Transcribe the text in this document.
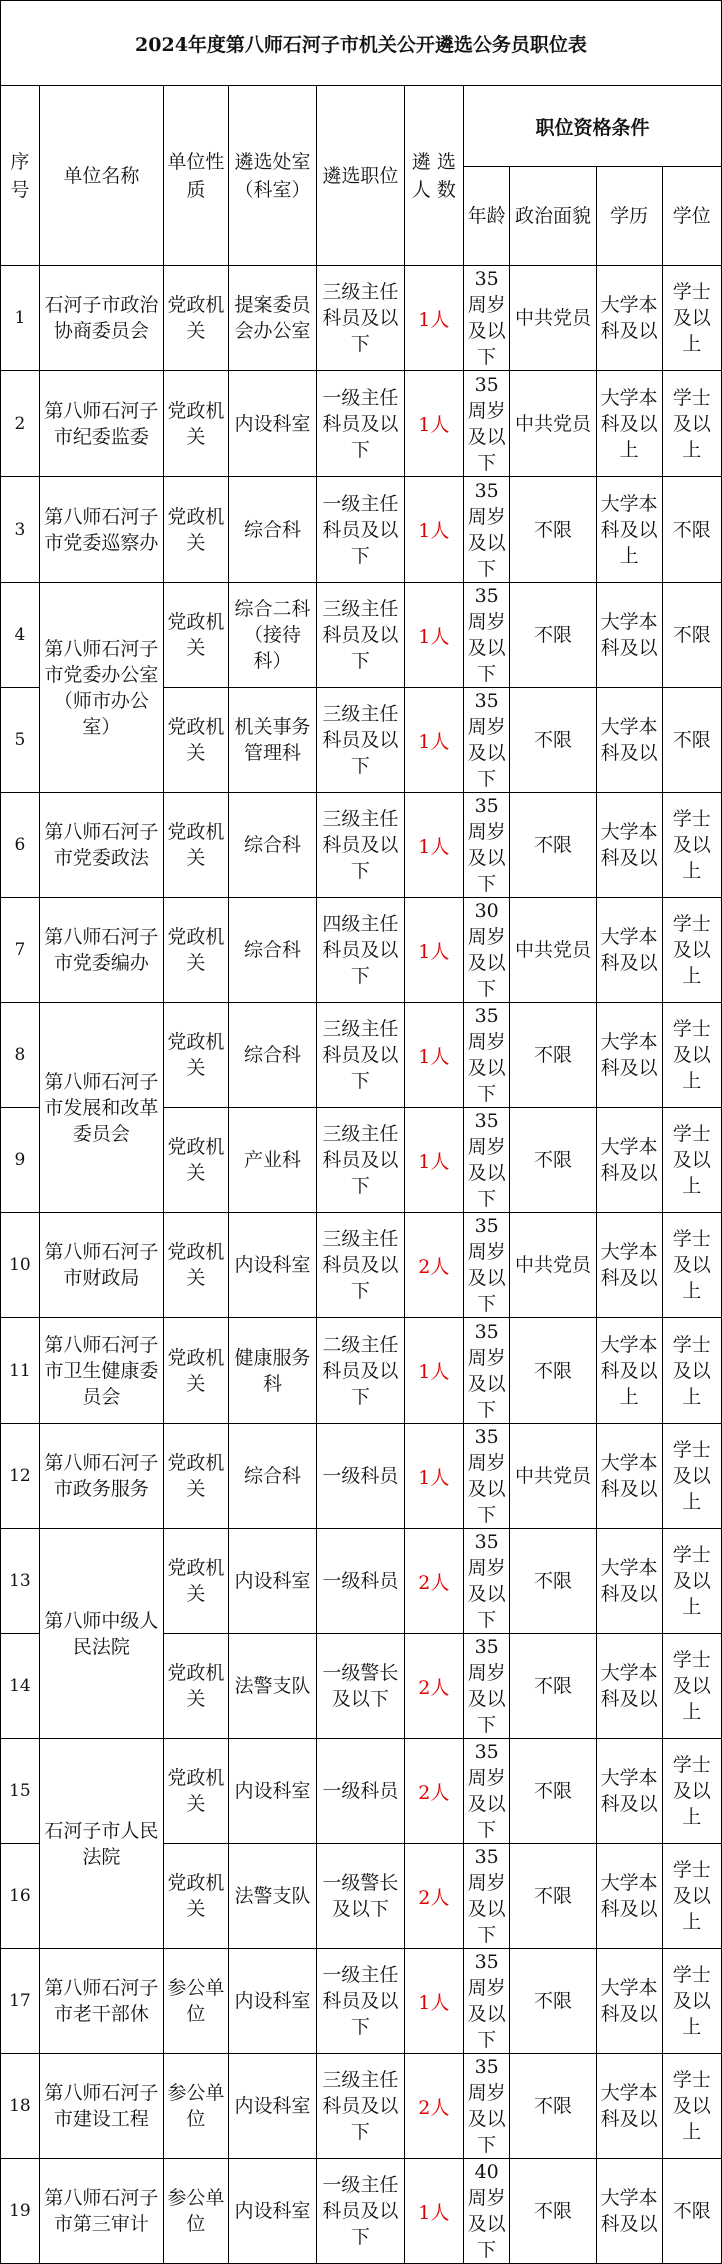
2024年度第八师石河子市机关公开遴选公务员职位表									
序号	单位名称	单位性质	遴选处室（科室）	遴选职位	遴 选 人 数	职位资格条件			
						年龄	政治面貌	学历	学位
1	石河子市政治协商委员会	党政机关	提案委员会办公室	三级主任科员及以下	1人	35周岁及以下	中共党员	大学本科及以	学士及以上
2	第八师石河子市纪委监委	党政机关	内设科室	一级主任科员及以下	1人	35周岁及以下	中共党员	大学本科及以上	学士及以上
3	第八师石河子市党委巡察办	党政机关	综合科	一级主任科员及以下	1人	35周岁及以下	不限	大学本科及以上	不限
4	第八师石河子市党委办公室（师市办公室）	党政机关	综合二科（接待科）	三级主任科员及以下	1人	35周岁及以下	不限	大学本科及以	不限
5		党政机关	机关事务管理科	三级主任科员及以下	1人	35周岁及以下	不限	大学本科及以	不限
6	第八师石河子市党委政法	党政机关	综合科	三级主任科员及以下	1人	35周岁及以下	不限	大学本科及以	学士及以上
7	第八师石河子市党委编办	党政机关	综合科	四级主任科员及以下	1人	30周岁及以下	中共党员	大学本科及以	学士及以上
8	第八师石河子市发展和改革委员会	党政机关	综合科	三级主任科员及以下	1人	35周岁及以下	不限	大学本科及以	学士及以上
9		党政机关	产业科	三级主任科员及以下	1人	35周岁及以下	不限	大学本科及以	学士及以上
10	第八师石河子市财政局	党政机关	内设科室	三级主任科员及以下	2人	35周岁及以下	中共党员	大学本科及以	学士及以上
11	第八师石河子市卫生健康委员会	党政机关	健康服务科	二级主任科员及以下	1人	35周岁及以下	不限	大学本科及以上	学士及以上
12	第八师石河子市政务服务	党政机关	综合科	一级科员	1人	35周岁及以下	中共党员	大学本科及以	学士及以上
13	第八师中级人民法院	党政机关	内设科室	一级科员	2人	35周岁及以下	不限	大学本科及以	学士及以上
14		党政机关	法警支队	一级警长及以下	2人	35周岁及以下	不限	大学本科及以	学士及以上
15	石河子市人民法院	党政机关	内设科室	一级科员	2人	35周岁及以下	不限	大学本科及以	学士及以上
16		党政机关	法警支队	一级警长及以下	2人	35周岁及以下	不限	大学本科及以	学士及以上
17	第八师石河子市老干部休	参公单位	内设科室	一级主任科员及以下	1人	35周岁及以下	不限	大学本科及以	学士及以上
18	第八师石河子市建设工程	参公单位	内设科室	三级主任科员及以下	2人	35周岁及以下	不限	大学本科及以	学士及以上
19	第八师石河子市第三审计	参公单位	内设科室	一级主任科员及以下	1人	40周岁及以下	不限	大学本科及以	不限
